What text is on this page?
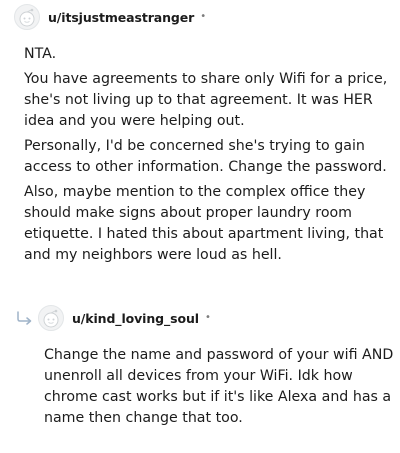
u/itsjustmeastranger •

NTA.

You have agreements to share only Wifi for a price, she's not living up to that agreement. It was HER idea and you were helping out.

Personally, I'd be concerned she's trying to gain access to other information. Change the password.

Also, maybe mention to the complex office they should make signs about proper laundry room etiquette. I hated this about apartment living, that and my neighbors were loud as hell.

u/kind_loving_soul •

Change the name and password of your wifi AND unenroll all devices from your WiFi. Idk how chrome cast works but if it's like Alexa and has a name then change that too.
